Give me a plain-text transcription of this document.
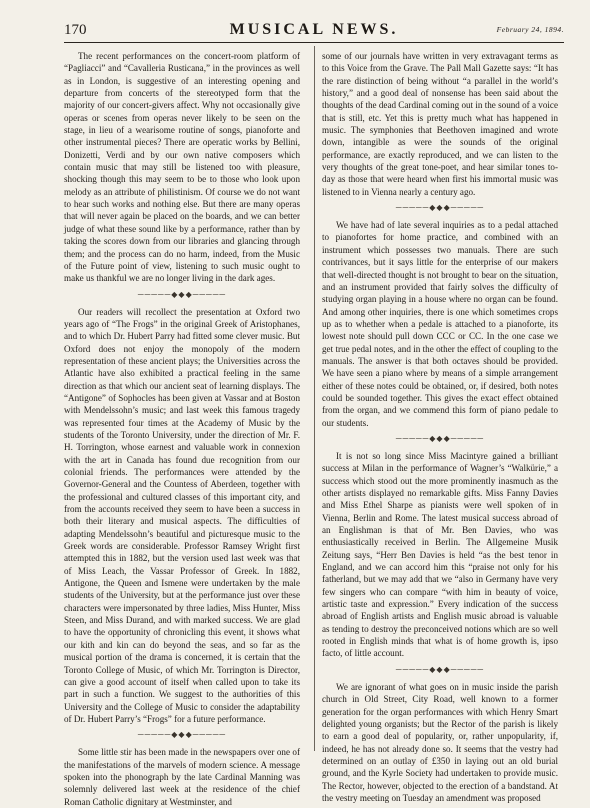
170	MUSICAL NEWS.	February 24, 1894.

The recent performances on the concert-room platform of “Pagliacci” and “Cavalleria Rusticana,” in the provinces as well as in London, is suggestive of an interesting opening and departure from concerts of the stereotyped form that the majority of our concert-givers affect. Why not occasionally give operas or scenes from operas never likely to be seen on the stage, in lieu of a wearisome routine of songs, pianoforte and other instrumental pieces? There are operatic works by Bellini, Donizetti, Verdi and by our own native composers which contain music that may still be listened too with pleasure, shocking though this may seem to be to those who look upon melody as an attribute of philistinism. Of course we do not want to hear such works and nothing else. But there are many operas that will never again be placed on the boards, and we can better judge of what these sound like by a performance, rather than by taking the scores down from our libraries and glancing through them; and the process can do no harm, indeed, from the Music of the Future point of view, listening to such music ought to make us thankful we are no longer living in the dark ages.

─────◆◆◆─────

Our readers will recollect the presentation at Oxford two years ago of “The Frogs” in the original Greek of Aristophanes, and to which Dr. Hubert Parry had fitted some clever music. But Oxford does not enjoy the monopoly of the modern representation of these ancient plays; the Universities across the Atlantic have also exhibited a practical feeling in the same direction as that which our ancient seat of learning displays. The “Antigone” of Sophocles has been given at Vassar and at Boston with Mendelssohn’s music; and last week this famous tragedy was represented four times at the Academy of Music by the students of the Toronto University, under the direction of Mr. F. H. Torrington, whose earnest and valuable work in connexion with the art in Canada has found due recognition from our colonial friends. The performances were attended by the Governor-General and the Countess of Aberdeen, together with the professional and cultured classes of this important city, and from the accounts received they seem to have been a success in both their literary and musical aspects. The difficulties of adapting Mendelssohn’s beautiful and picturesque music to the Greek words are considerable. Professor Ramsey Wright first attempted this in 1882, but the version used last week was that of Miss Leach, the Vassar Professor of Greek. In 1882, Antigone, the Queen and Ismene were undertaken by the male students of the University, but at the performance just over these characters were impersonated by three ladies, Miss Hunter, Miss Steen, and Miss Durand, and with marked success. We are glad to have the opportunity of chronicling this event, it shows what our kith and kin can do beyond the seas, and so far as the musical portion of the drama is concerned, it is certain that the Toronto College of Music, of which Mr. Torrington is Director, can give a good account of itself when called upon to take its part in such a function. We suggest to the authorities of this University and the College of Music to consider the adaptability of Dr. Hubert Parry’s “Frogs” for a future performance.

─────◆◆◆─────

Some little stir has been made in the newspapers over one of the manifestations of the marvels of modern science. A message spoken into the phonograph by the late Cardinal Manning was solemnly delivered last week at the residence of the chief Roman Catholic dignitary at Westminster, and

some of our journals have written in very extravagant terms as to this Voice from the Grave. The Pall Mall Gazette says: “It has the rare distinction of being without “a parallel in the world’s history,” and a good deal of nonsense has been said about the thoughts of the dead Cardinal coming out in the sound of a voice that is still, etc. Yet this is pretty much what has happened in music. The symphonies that Beethoven imagined and wrote down, intangible as were the sounds of the original performance, are exactly reproduced, and we can listen to the very thoughts of the great tone-poet, and hear similar tones to-day as those that were heard when first his immortal music was listened to in Vienna nearly a century ago.

─────◆◆◆─────

We have had of late several inquiries as to a pedal attached to pianofortes for home practice, and combined with an instrument which possesses two manuals. There are such contrivances, but it says little for the enterprise of our makers that well-directed thought is not brought to bear on the situation, and an instrument provided that fairly solves the difficulty of studying organ playing in a house where no organ can be found. And among other inquiries, there is one which sometimes crops up as to whether when a pedale is attached to a pianoforte, its lowest note should pull down CCC or CC. In the one case we get true pedal notes, and in the other the effect of coupling to the manuals. The answer is that both octaves should be provided. We have seen a piano where by means of a simple arrangement either of these notes could be obtained, or, if desired, both notes could be sounded together. This gives the exact effect obtained from the organ, and we commend this form of piano pedale to our students.

─────◆◆◆─────

It is not so long since Miss Macintyre gained a brilliant success at Milan in the performance of Wagner’s “Walkürie,” a success which stood out the more prominently inasmuch as the other artists displayed no remarkable gifts. Miss Fanny Davies and Miss Ethel Sharpe as pianists were well spoken of in Vienna, Berlin and Rome. The latest musical success abroad of an Englishman is that of Mr. Ben Davies, who was enthusiastically received in Berlin. The Allgemeine Musik Zeitung says, “Herr Ben Davies is held “as the best tenor in England, and we can accord him this “praise not only for his fatherland, but we may add that we “also in Germany have very few singers who can compare “with him in beauty of voice, artistic taste and expression.” Every indication of the success abroad of English artists and English music abroad is valuable as tending to destroy the preconceived notions which are so well rooted in English minds that what is of home growth is, ipso facto, of little account.

─────◆◆◆─────

We are ignorant of what goes on in music inside the parish church in Old Street, City Road, well known to a former generation for the organ performances with which Henry Smart delighted young organists; but the Rector of the parish is likely to earn a good deal of popularity, or, rather unpopularity, if, indeed, he has not already done so. It seems that the vestry had determined on an outlay of £350 in laying out an old burial ground, and the Kyrle Society had undertaken to provide music. The Rector, however, objected to the erection of a bandstand. At the vestry meeting on Tuesday an amendment was proposed
